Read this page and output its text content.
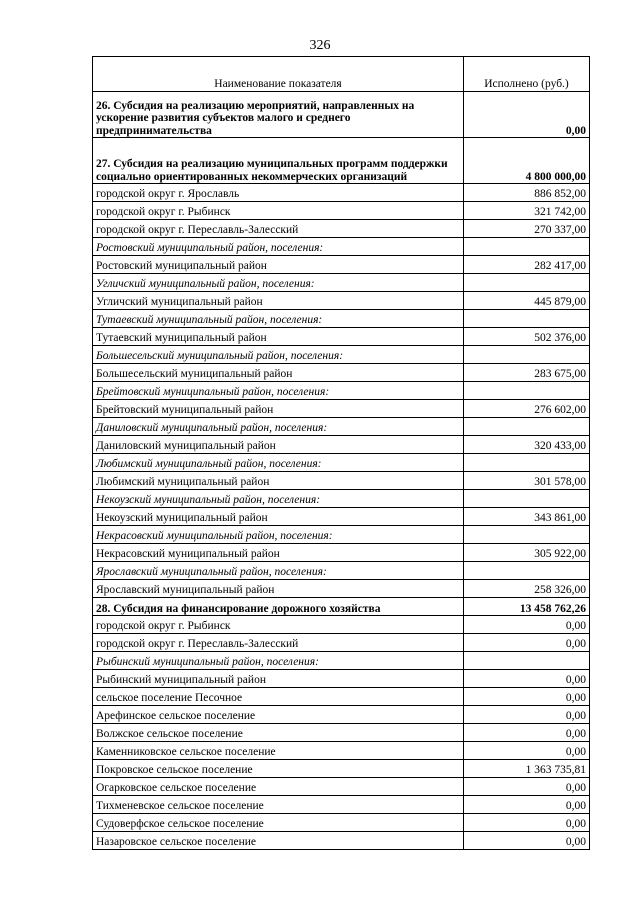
326
Наименование показателя	Исполнено (руб.)
26. Субсидия на реализацию мероприятий, направленных на ускорение развития субъектов малого и среднего предпринимательства	0,00
27. Субсидия на реализацию муниципальных программ поддержки социально ориентированных некоммерческих организаций	4 800 000,00
городской округ г. Ярославль	886 852,00
городской округ г. Рыбинск	321 742,00
городской округ г. Переславль-Залесский	270 337,00
Ростовский муниципальный район, поселения:	
Ростовский муниципальный район	282 417,00
Угличский муниципальный район, поселения:	
Угличский муниципальный район	445 879,00
Тутаевский муниципальный район, поселения:	
Тутаевский муниципальный район	502 376,00
Большесельский муниципальный район, поселения:	
Большесельский муниципальный район	283 675,00
Брейтовский муниципальный район, поселения:	
Брейтовский муниципальный район	276 602,00
Даниловский муниципальный район, поселения:	
Даниловский муниципальный район	320 433,00
Любимский муниципальный район, поселения:	
Любимский муниципальный район	301 578,00
Некоузский муниципальный район, поселения:	
Некоузский муниципальный район	343 861,00
Некрасовский муниципальный район, поселения:	
Некрасовский муниципальный район	305 922,00
Ярославский муниципальный район, поселения:	
Ярославский муниципальный район	258 326,00
28. Субсидия на финансирование дорожного хозяйства	13 458 762,26
городской округ г. Рыбинск	0,00
городской округ г. Переславль-Залесский	0,00
Рыбинский муниципальный район, поселения:	
Рыбинский муниципальный район	0,00
сельское поселение Песочное	0,00
Арефинское сельское поселение	0,00
Волжское сельское поселение	0,00
Каменниковское сельское поселение	0,00
Покровское сельское поселение	1 363 735,81
Огарковское сельское поселение	0,00
Тихменевское сельское поселение	0,00
Судоверфское сельское поселение	0,00
Назаровское сельское поселение	0,00
